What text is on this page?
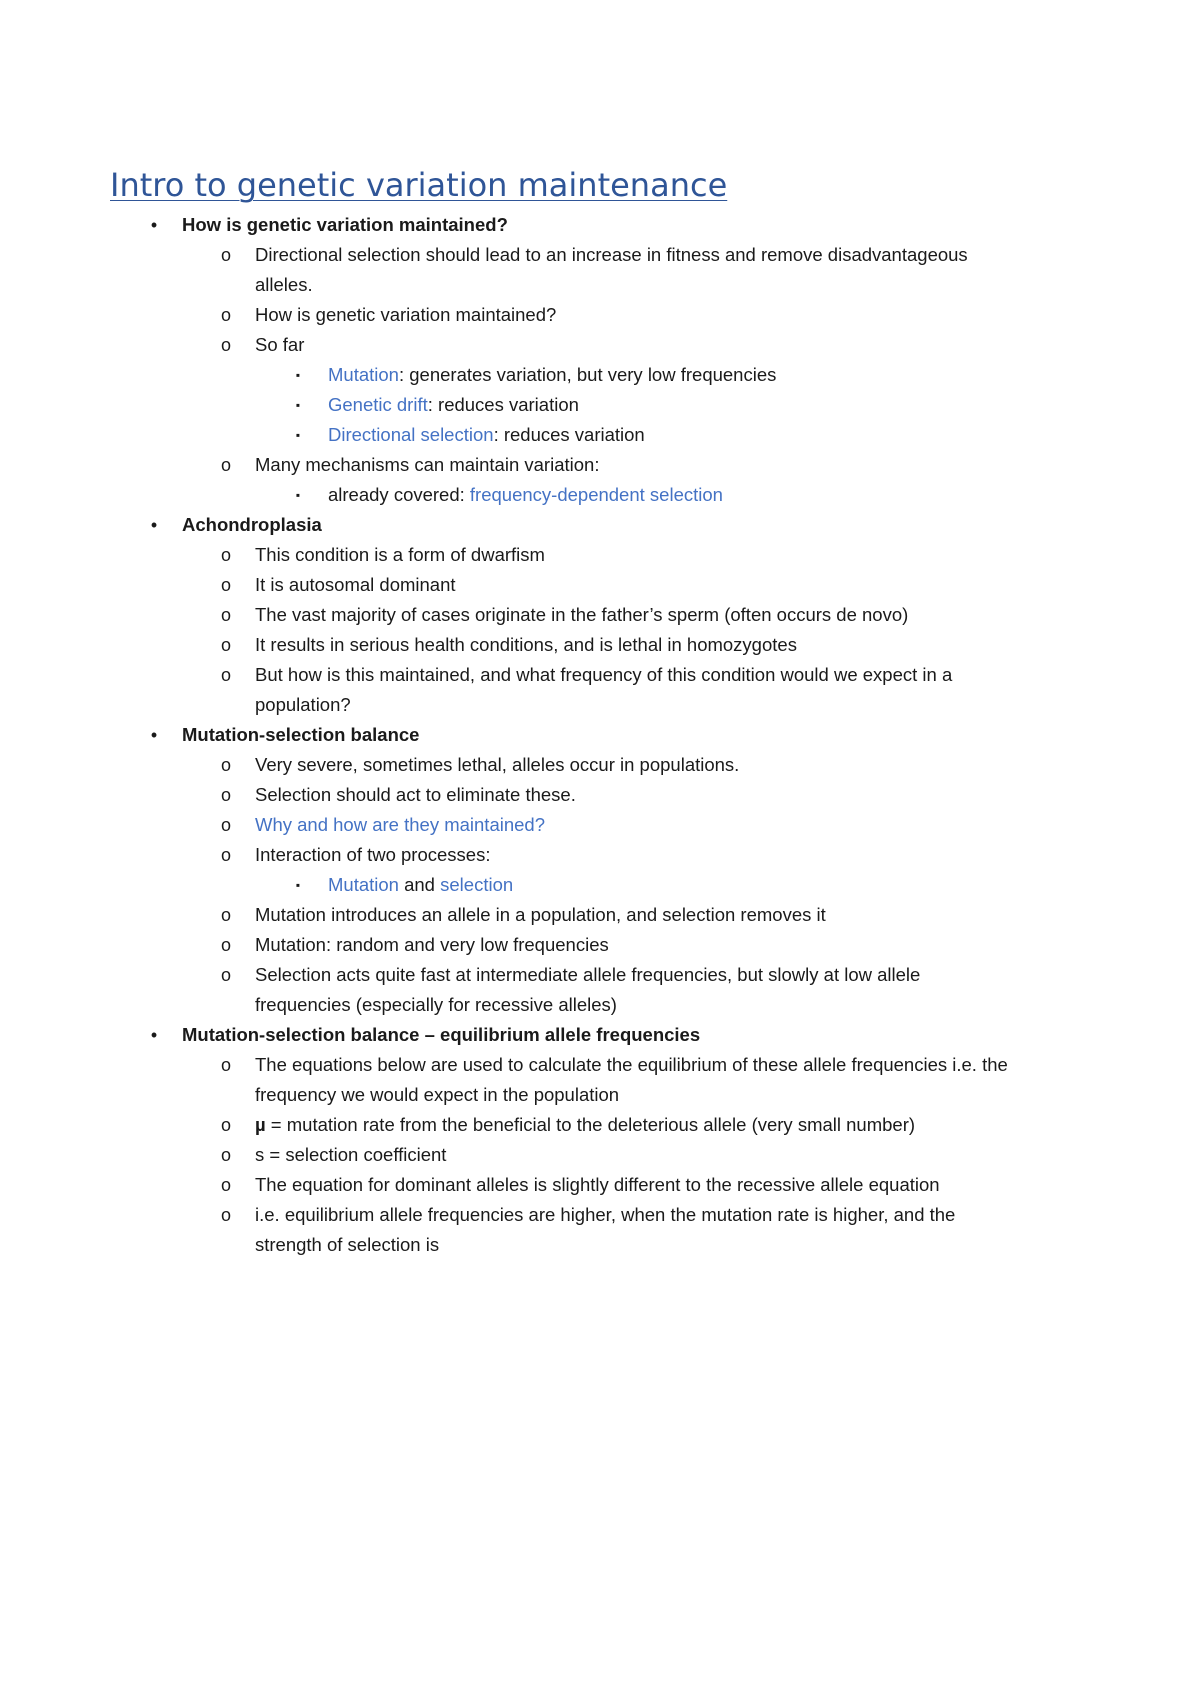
Intro to genetic variation maintenance
•	How is genetic variation maintained?
o Directional selection should lead to an increase in fitness and remove disadvantageous
alleles.
o How is genetic variation maintained?
o So far
▪	Mutation: generates variation, but very low frequencies
▪	Genetic drift: reduces variation
▪	Directional selection: reduces variation
o Many mechanisms can maintain variation:
▪	already covered: frequency-dependent selection
•	Achondroplasia
o This condition is a form of dwarfism
o It is autosomal dominant
o The vast majority of cases originate in the father’s sperm (often occurs de novo)
o It results in serious health conditions, and is lethal in homozygotes
o But how is this maintained, and what frequency of this condition would we expect in a
population?
•	Mutation-selection balance
o Very severe, sometimes lethal, alleles occur in populations.
o Selection should act to eliminate these.
o Why and how are they maintained?
o Interaction of two processes:
▪	Mutation and selection
o Mutation introduces an allele in a population, and selection removes it
o Mutation: random and very low frequencies
o Selection acts quite fast at intermediate allele frequencies, but slowly at low allele
frequencies (especially for recessive alleles)
•	Mutation-selection balance – equilibrium allele frequencies
o The equations below are used to calculate the equilibrium of these allele frequencies i.e. the
frequency we would expect in the population
o µ = mutation rate from the beneficial to the deleterious allele (very small number)
o s = selection coefficient
o The equation for dominant alleles is slightly different to the recessive allele equation
o i.e. equilibrium allele frequencies are higher, when the mutation rate is higher, and the
strength of selection is
